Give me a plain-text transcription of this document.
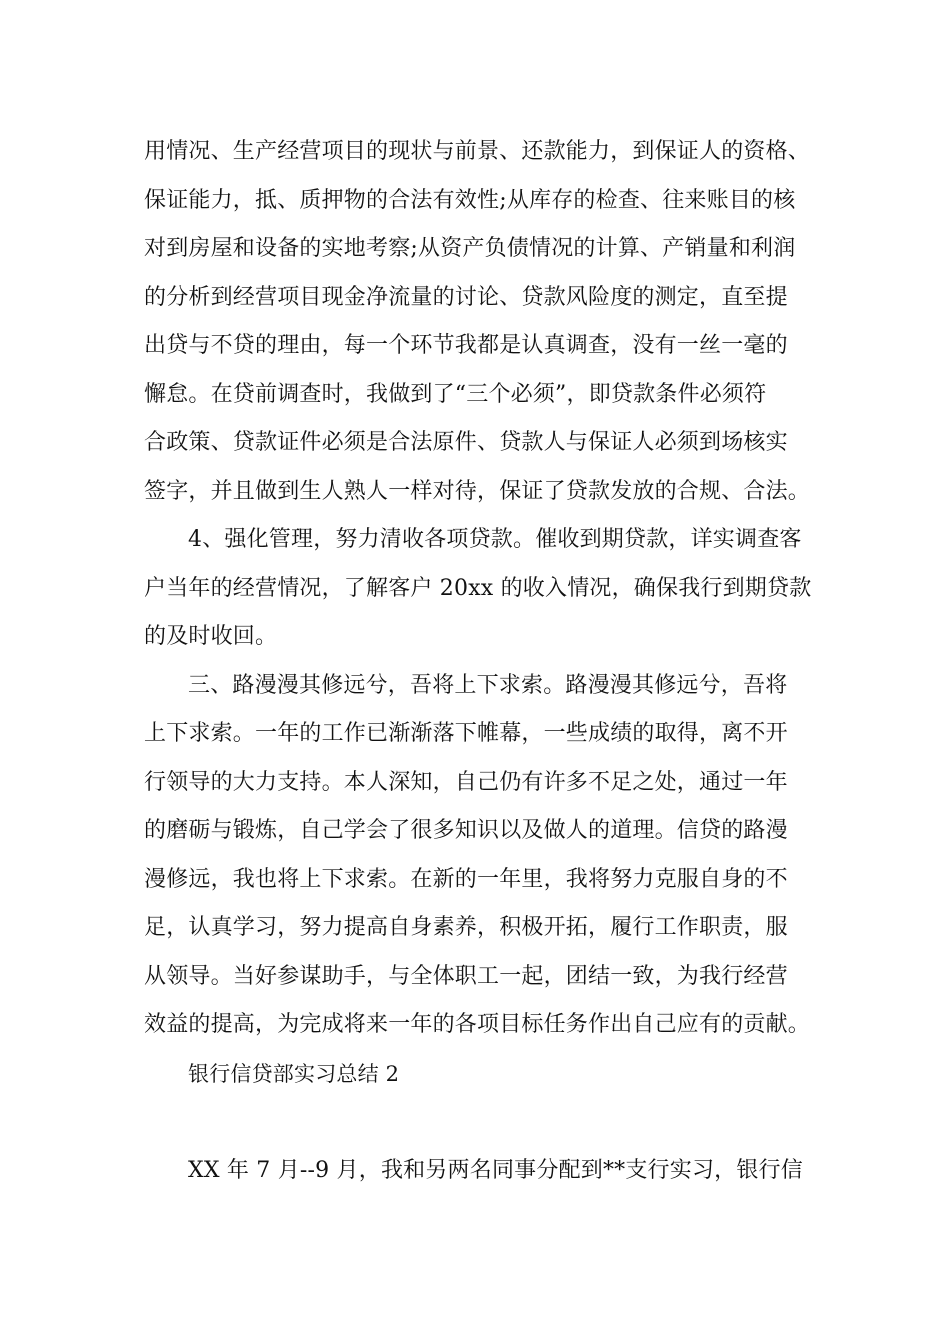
用情况、生产经营项目的现状与前景、还款能力，到保证人的资格、
保证能力，抵、质押物的合法有效性;从库存的检查、往来账目的核
对到房屋和设备的实地考察;从资产负债情况的计算、产销量和利润
的分析到经营项目现金净流量的讨论、贷款风险度的测定，直至提
出贷与不贷的理由，每一个环节我都是认真调查，没有一丝一毫的
懈怠。在贷前调查时，我做到了“三个必须”，即贷款条件必须符
合政策、贷款证件必须是合法原件、贷款人与保证人必须到场核实
签字，并且做到生人熟人一样对待，保证了贷款发放的合规、合法。
4、强化管理，努力清收各项贷款。催收到期贷款，详实调查客
户当年的经营情况，了解客户 20xx 的收入情况，确保我行到期贷款
的及时收回。
三、路漫漫其修远兮，吾将上下求索。路漫漫其修远兮，吾将
上下求索。一年的工作已渐渐落下帷幕，一些成绩的取得，离不开
行领导的大力支持。本人深知，自己仍有许多不足之处，通过一年
的磨砺与锻炼，自己学会了很多知识以及做人的道理。信贷的路漫
漫修远，我也将上下求索。在新的一年里，我将努力克服自身的不
足，认真学习，努力提高自身素养，积极开拓，履行工作职责，服
从领导。当好参谋助手，与全体职工一起，团结一致，为我行经营
效益的提高，为完成将来一年的各项目标任务作出自己应有的贡献。
银行信贷部实习总结 2
XX 年 7 月--9 月，我和另两名同事分配到**支行实习，银行信
